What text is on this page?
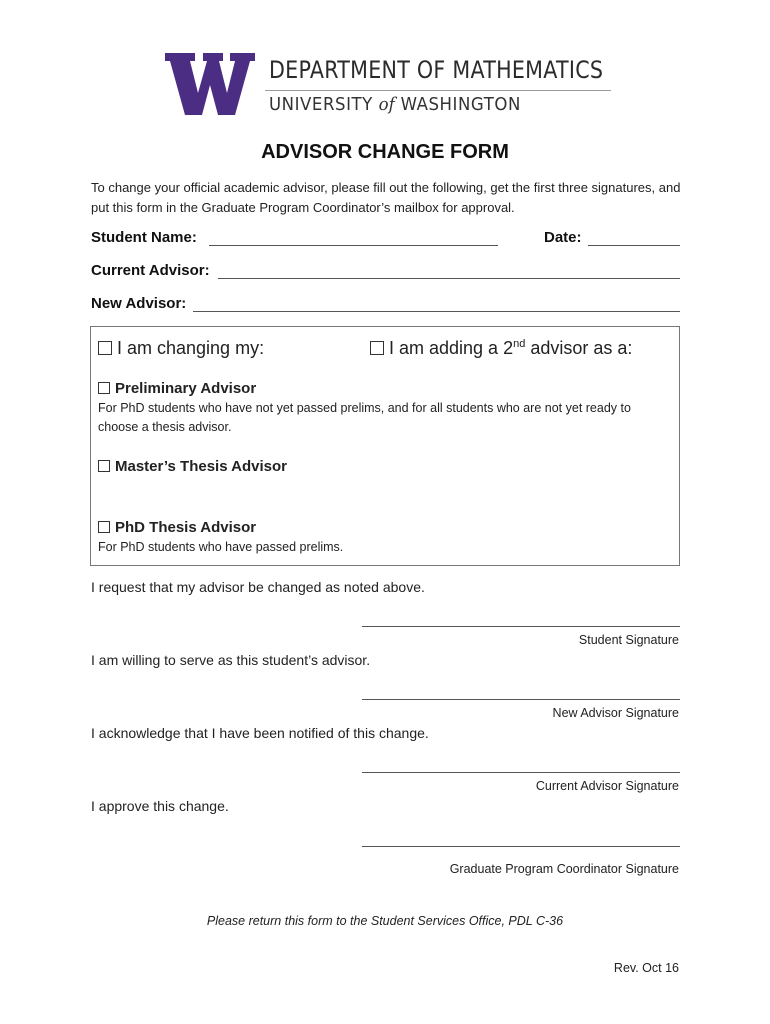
DEPARTMENT OF MATHEMATICS
UNIVERSITY of WASHINGTON
ADVISOR CHANGE FORM
To change your official academic advisor, please fill out the following, get the first three signatures, and put this form in the Graduate Program Coordinator’s mailbox for approval.
Student Name:	Date:
Current Advisor:
New Advisor:
I am changing my:	I am adding a 2nd advisor as a:
Preliminary Advisor
For PhD students who have not yet passed prelims, and for all students who are not yet ready to choose a thesis advisor.
Master’s Thesis Advisor
PhD Thesis Advisor
For PhD students who have passed prelims.
I request that my advisor be changed as noted above.
Student Signature
I am willing to serve as this student’s advisor.
New Advisor Signature
I acknowledge that I have been notified of this change.
Current Advisor Signature
I approve this change.
Graduate Program Coordinator Signature
Please return this form to the Student Services Office, PDL C-36
Rev. Oct 16
